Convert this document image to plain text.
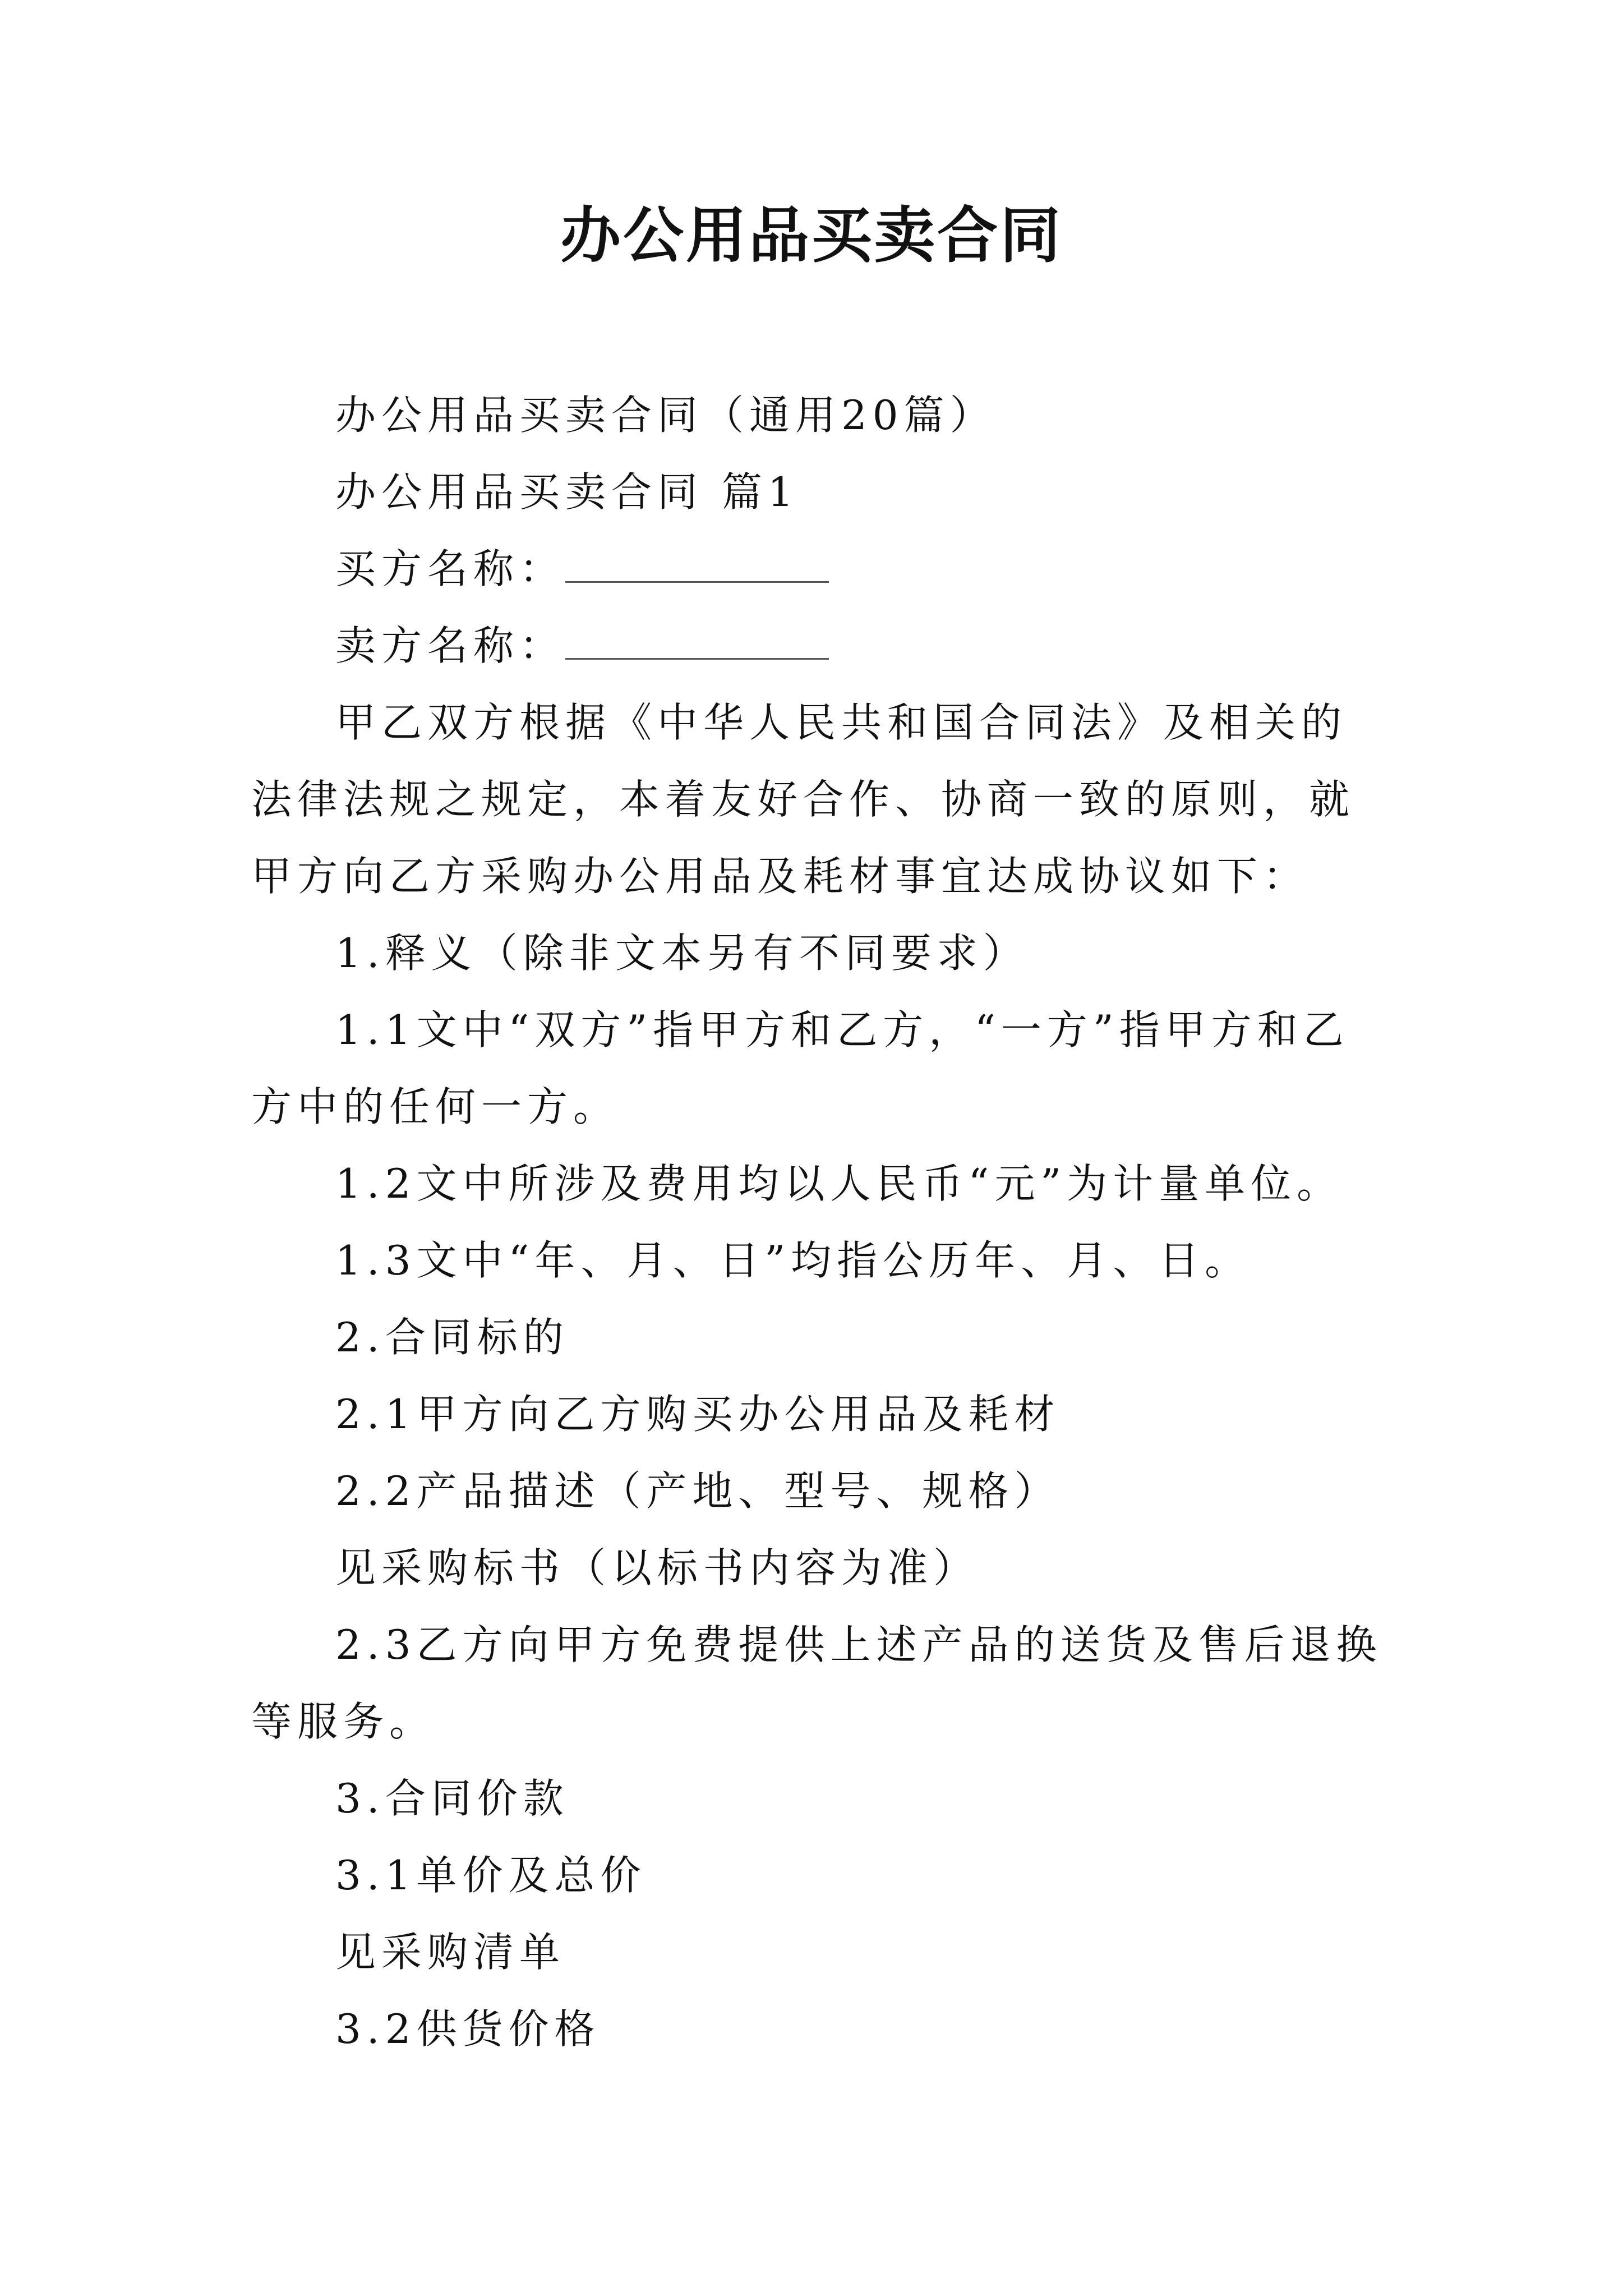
办公用品买卖合同

办公用品买卖合同（通用20篇）

办公用品买卖合同 篇1

买方名称：

卖方名称：

甲乙双方根据《中华人民共和国合同法》及相关的法律法规之规定，本着友好合作、协商一致的原则，就甲方向乙方采购办公用品及耗材事宜达成协议如下：

1.释义（除非文本另有不同要求）

1.1文中“双方”指甲方和乙方，“一方”指甲方和乙方中的任何一方。

1.2文中所涉及费用均以人民币“元”为计量单位。

1.3文中“年、月、日”均指公历年、月、日。

2.合同标的

2.1甲方向乙方购买办公用品及耗材

2.2产品描述（产地、型号、规格）

见采购标书（以标书内容为准）

2.3乙方向甲方免费提供上述产品的送货及售后退换等服务。

3.合同价款

3.1单价及总价

见采购清单

3.2供货价格
